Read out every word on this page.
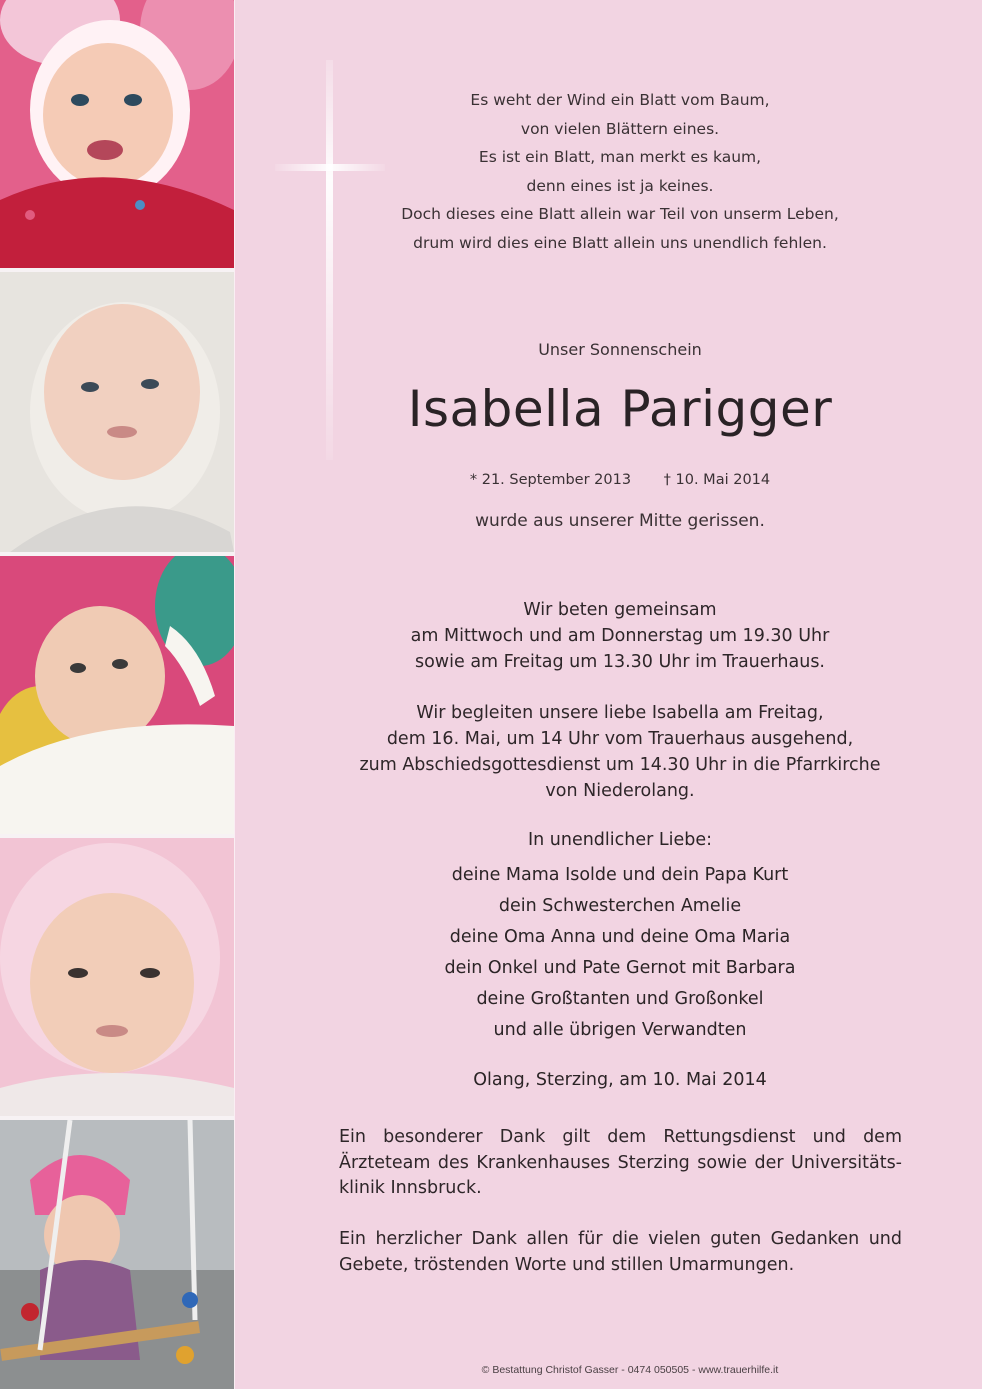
Es weht der Wind ein Blatt vom Baum,
von vielen Blättern eines.
Es ist ein Blatt, man merkt es kaum,
denn eines ist ja keines.
Doch dieses eine Blatt allein war Teil von unserm Leben,
drum wird dies eine Blatt allein uns unendlich fehlen.
Unser Sonnenschein
Isabella Parigger
* 21. September 2013 † 10. Mai 2014
wurde aus unserer Mitte gerissen.
Wir beten gemeinsam
am Mittwoch und am Donnerstag um 19.30 Uhr
sowie am Freitag um 13.30 Uhr im Trauerhaus.
Wir begleiten unsere liebe Isabella am Freitag,
dem 16. Mai, um 14 Uhr vom Trauerhaus ausgehend,
zum Abschiedsgottesdienst um 14.30 Uhr in die Pfarrkirche
von Niederolang.
In unendlicher Liebe:
deine Mama Isolde und dein Papa Kurt
dein Schwesterchen Amelie
deine Oma Anna und deine Oma Maria
dein Onkel und Pate Gernot mit Barbara
deine Großtanten und Großonkel
und alle übrigen Verwandten
Olang, Sterzing, am 10. Mai 2014
Ein besonderer Dank gilt dem Rettungsdienst und dem Ärzteteam des Krankenhauses Sterzing sowie der Universitäts-klinik Innsbruck.
Ein herzlicher Dank allen für die vielen guten Gedanken und Gebete, tröstenden Worte und stillen Umarmungen.
© Bestattung Christof Gasser - 0474 050505 - www.trauerhilfe.it
